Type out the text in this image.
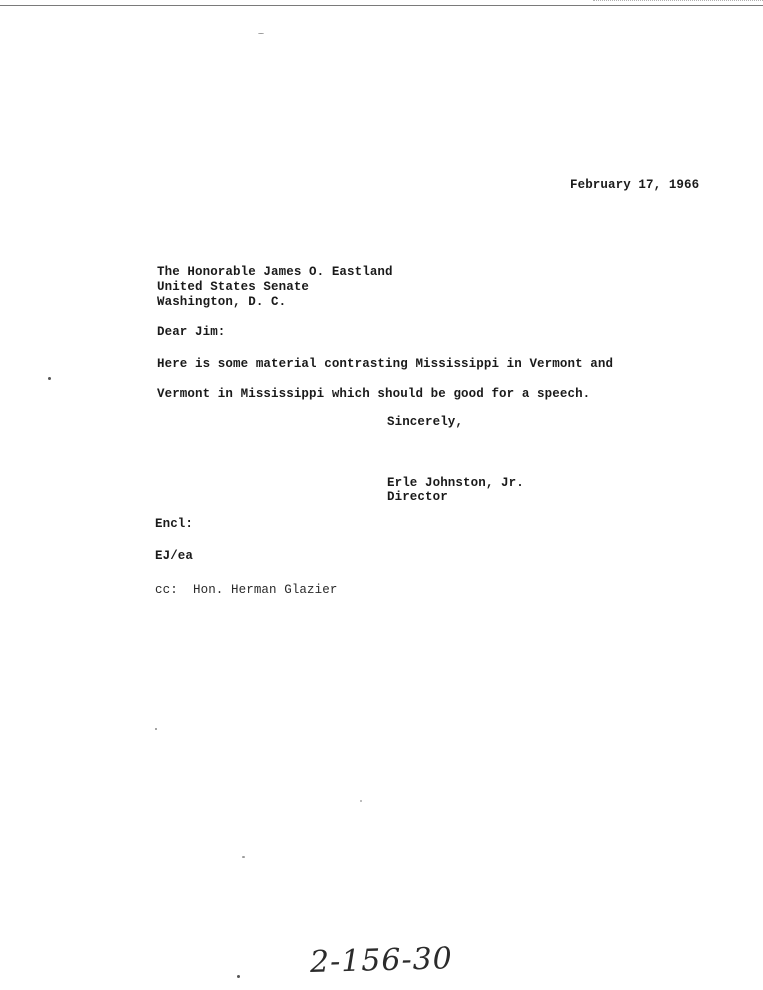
February 17, 1966
The Honorable James O. Eastland
United States Senate
Washington, D. C.
Dear Jim:
Here is some material contrasting Mississippi in Vermont and
Vermont in Mississippi which should be good for a speech.
Sincerely,
Erle Johnston, Jr.
Director
Encl:
EJ/ea
cc:  Hon. Herman Glazier
2-156-30
